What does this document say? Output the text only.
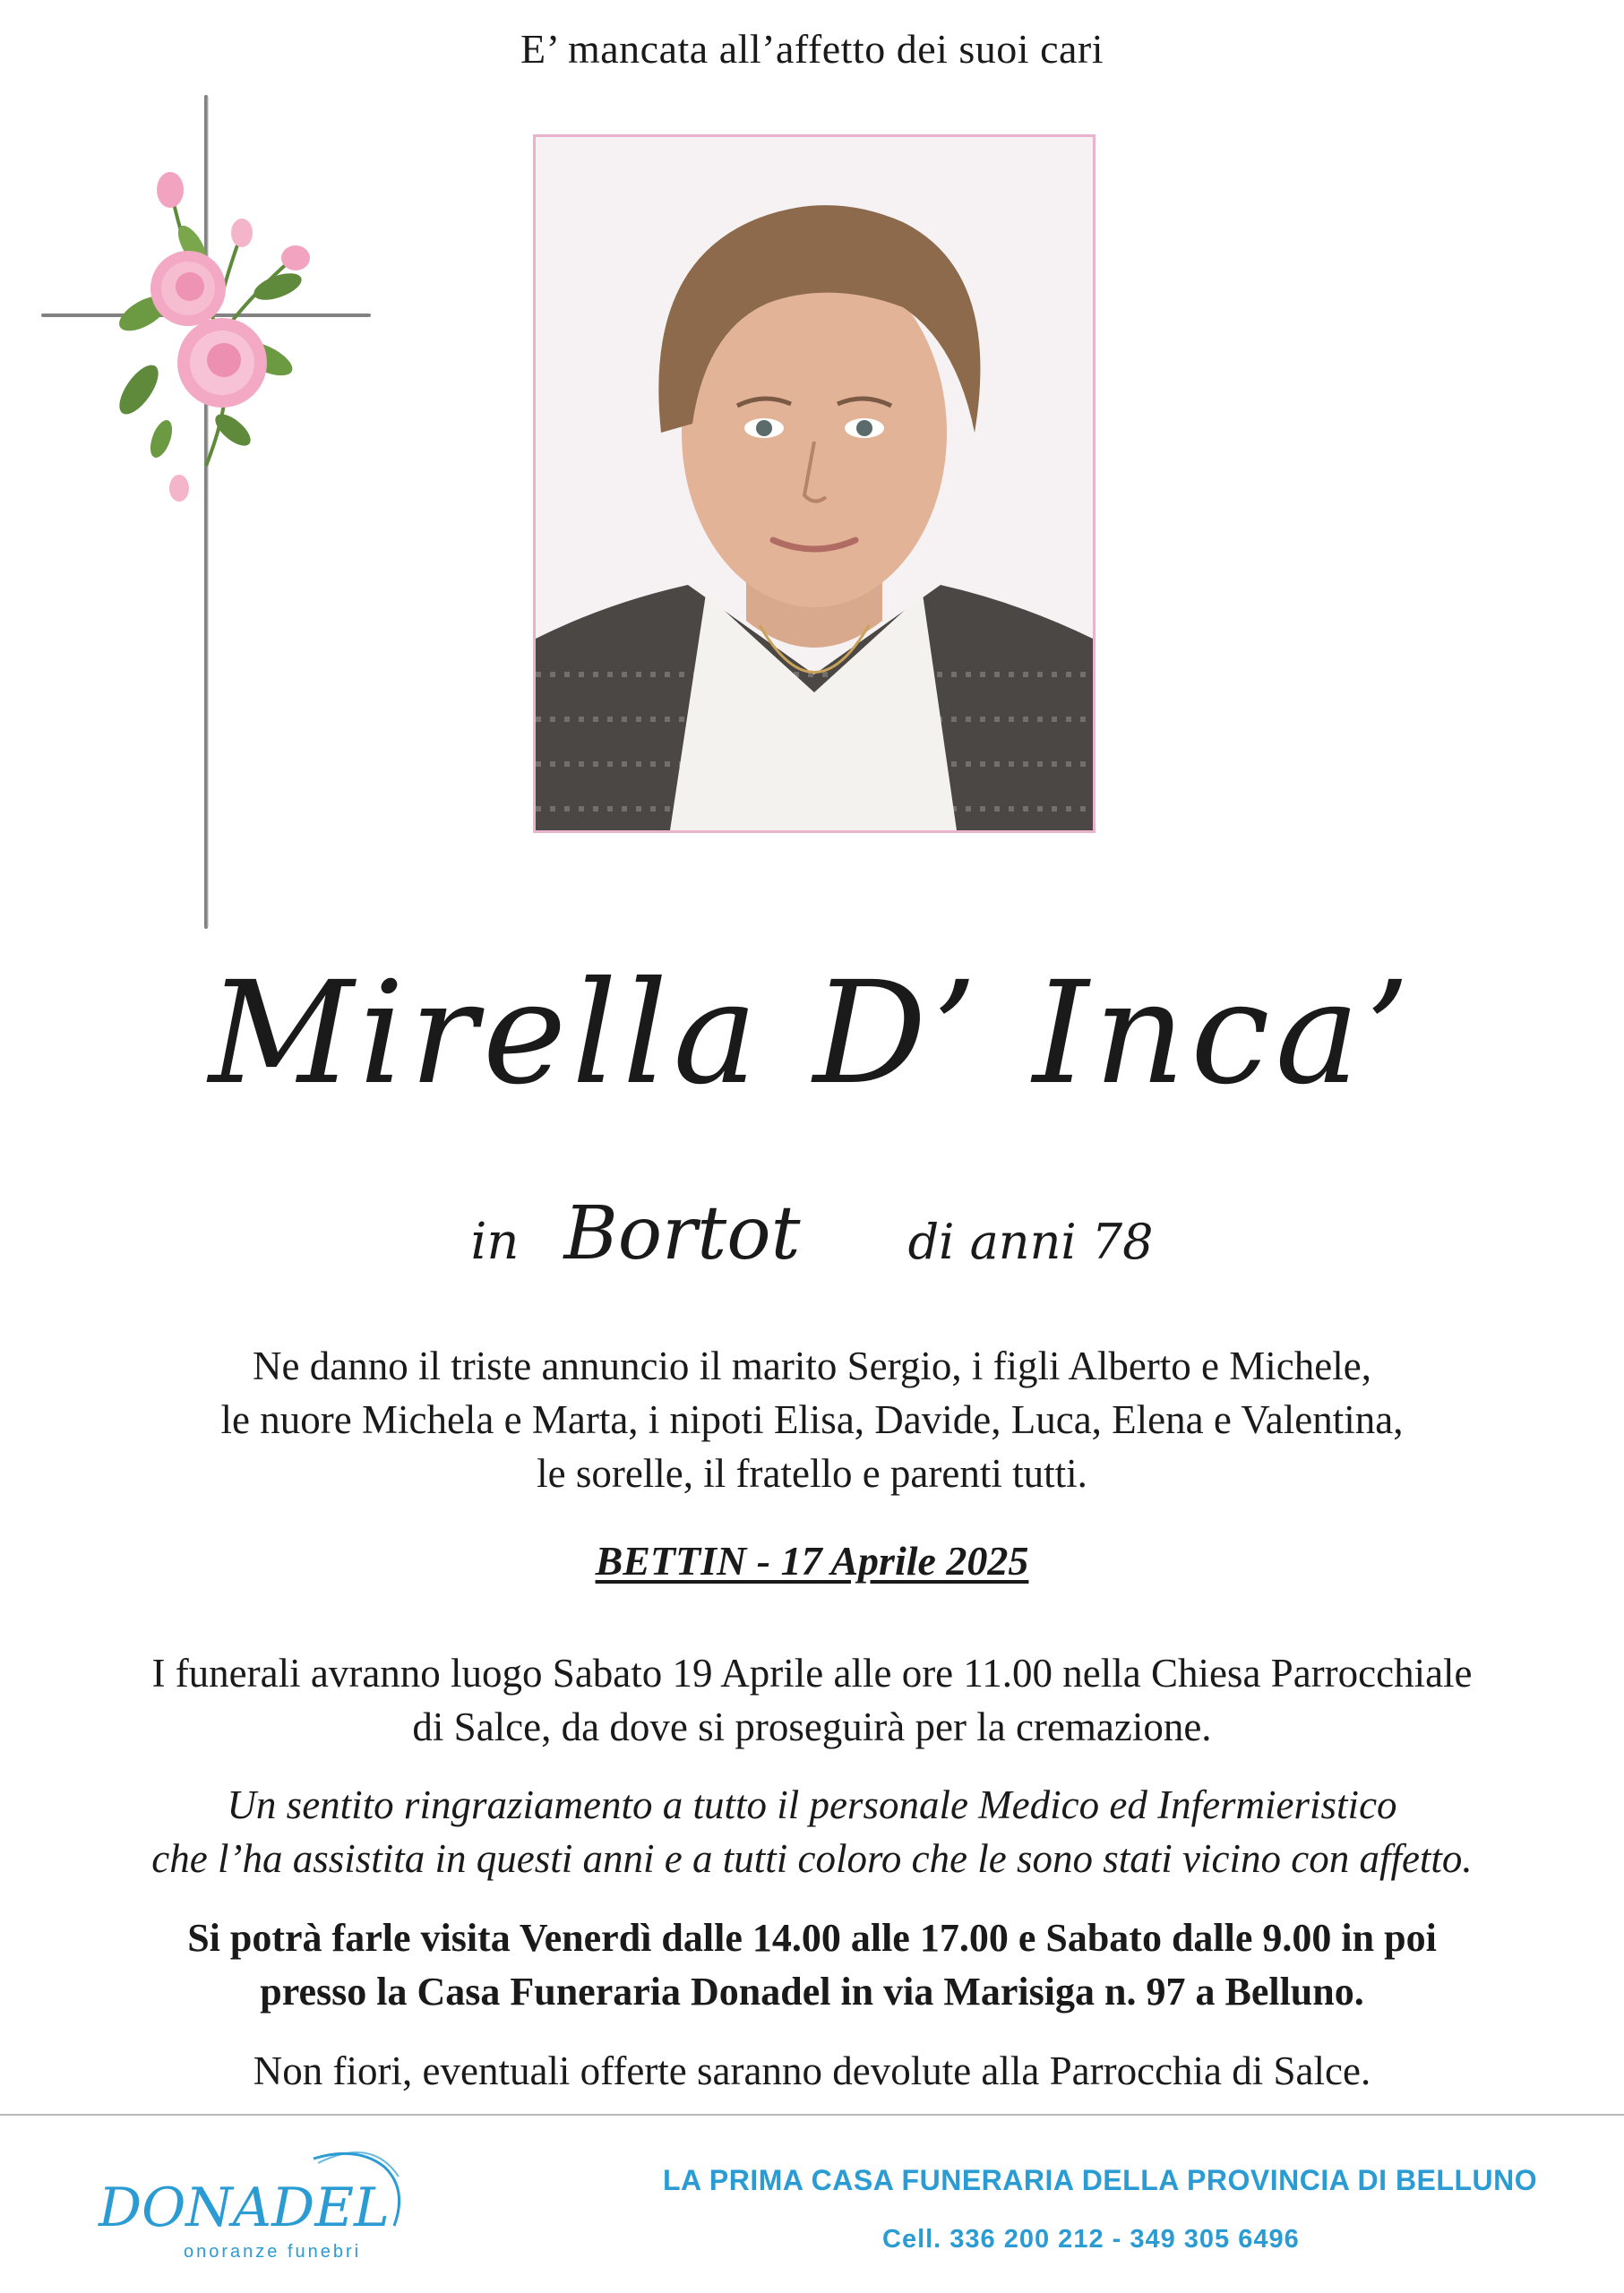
E’ mancata all’affetto dei suoi cari
Mirella D’ Inca’
in Bortot di anni 78
Ne danno il triste annuncio il marito Sergio, i figli Alberto e Michele,
le nuore Michela e Marta, i nipoti Elisa, Davide, Luca, Elena e Valentina,
le sorelle, il fratello e parenti tutti.
BETTIN - 17 Aprile 2025
I funerali avranno luogo Sabato 19 Aprile alle ore 11.00 nella Chiesa Parrocchiale
di Salce, da dove si proseguirà per la cremazione.
Un sentito ringraziamento a tutto il personale Medico ed Infermieristico
che l’ha assistita in questi anni e a tutti coloro che le sono stati vicino con affetto.
Si potrà farle visita Venerdì dalle 14.00 alle 17.00 e Sabato dalle 9.00 in poi
presso la Casa Funeraria Donadel in via Marisiga n. 97 a Belluno.
Non fiori, eventuali offerte saranno devolute alla Parrocchia di Salce.
DONADEL
onoranze funebri
LA PRIMA CASA FUNERARIA DELLA PROVINCIA DI BELLUNO
Cell. 336 200 212 - 349 305 6496
